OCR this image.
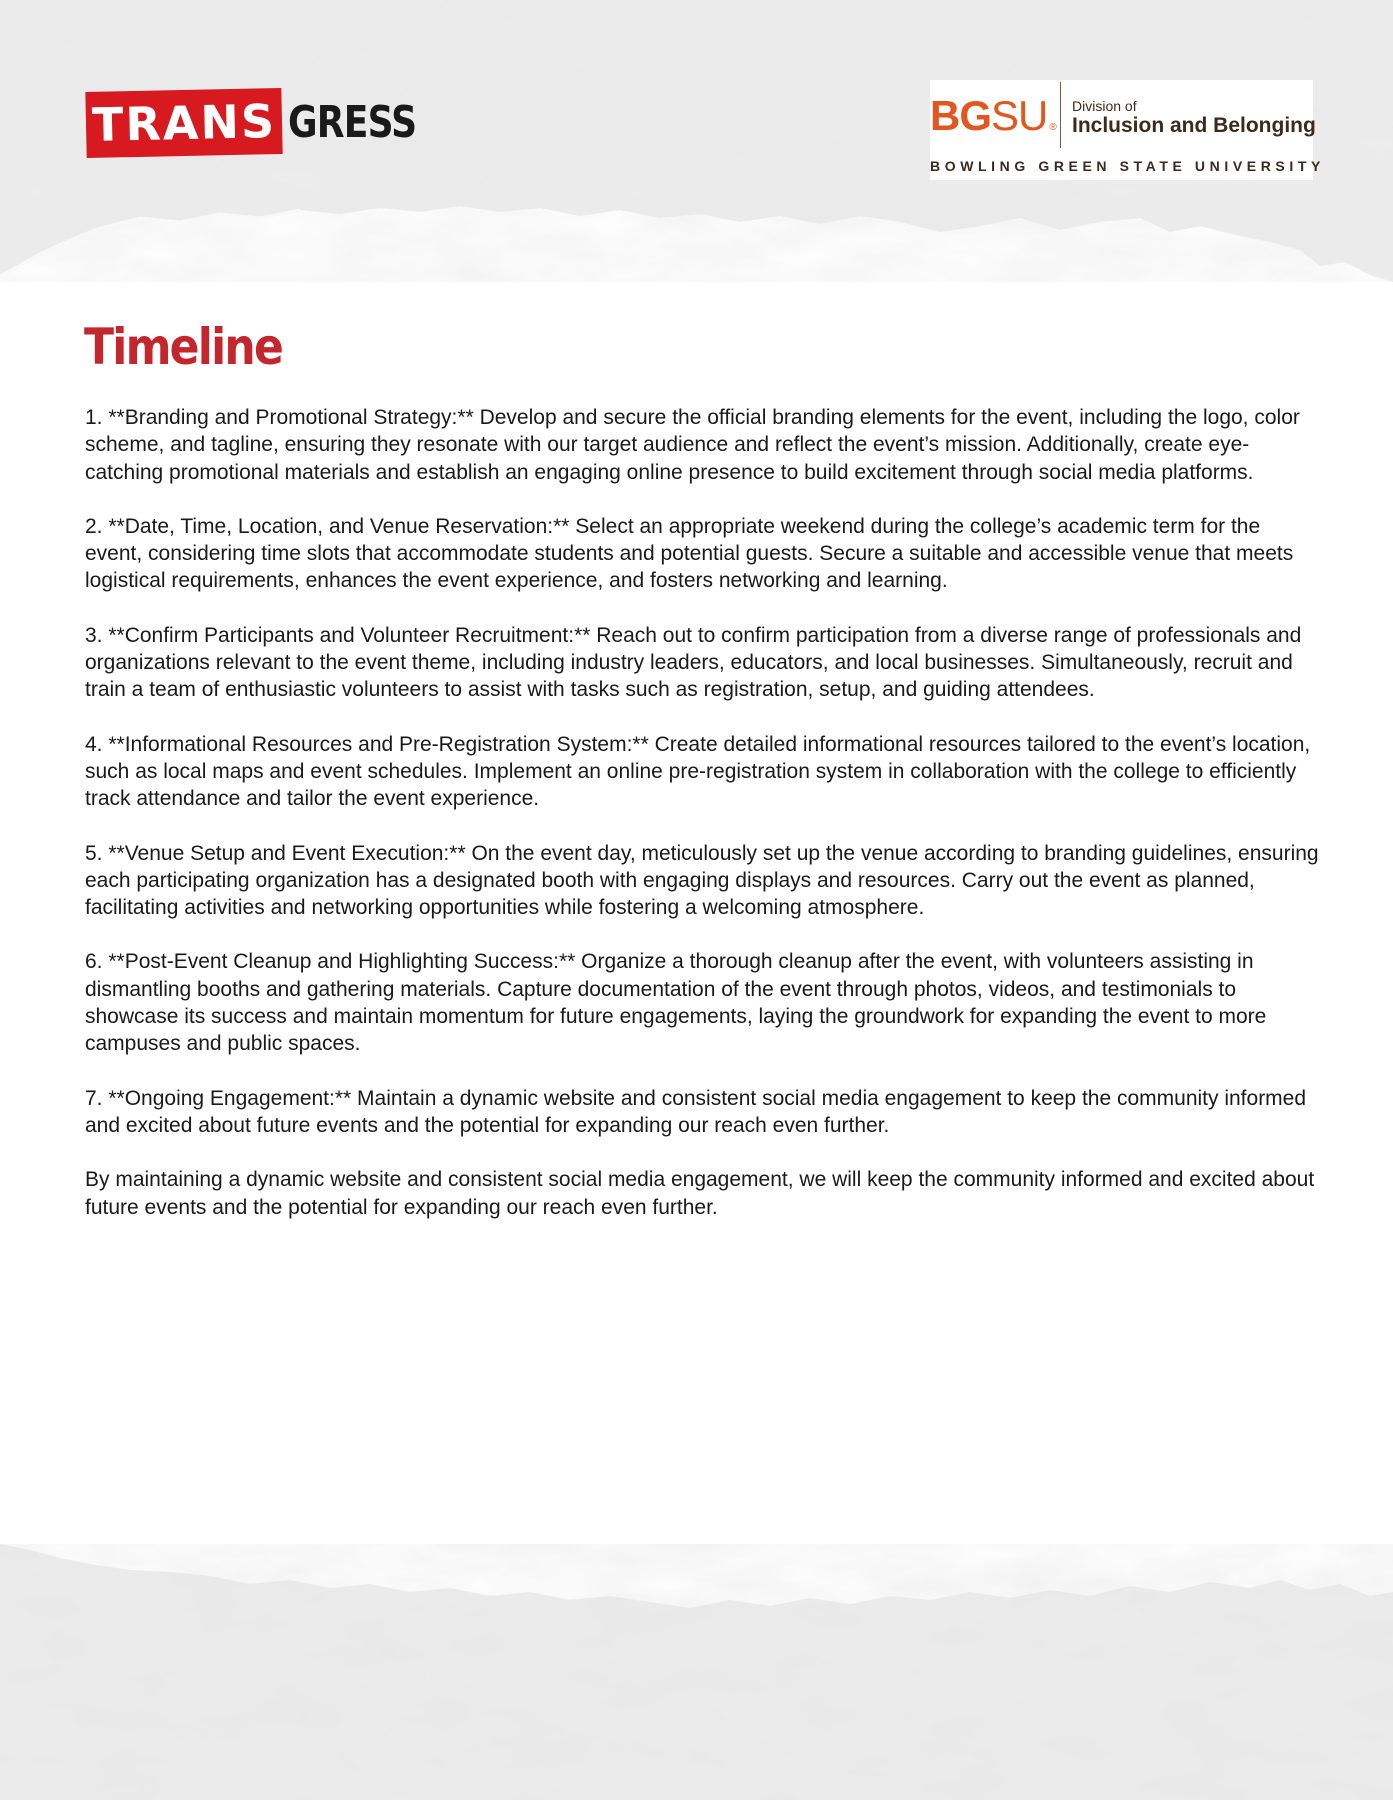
TRANS GRESS	BG SU ®
Division of
Inclusion and Belonging
BOWLING GREEN STATE UNIVERSITY
Timeline

1. **Branding and Promotional Strategy:** Develop and secure the official branding elements for the event, including the logo, color scheme, and tagline, ensuring they resonate with our target audience and reflect the event’s mission. Additionally, create eye-catching promotional materials and establish an engaging online presence to build excitement through social media platforms.

2. **Date, Time, Location, and Venue Reservation:** Select an appropriate weekend during the college’s academic term for the event, considering time slots that accommodate students and potential guests. Secure a suitable and accessible venue that meets logistical requirements, enhances the event experience, and fosters networking and learning.

3. **Confirm Participants and Volunteer Recruitment:** Reach out to confirm participation from a diverse range of professionals and organizations relevant to the event theme, including industry leaders, educators, and local businesses. Simultaneously, recruit and train a team of enthusiastic volunteers to assist with tasks such as registration, setup, and guiding attendees.

4. **Informational Resources and Pre-Registration System:** Create detailed informational resources tailored to the event’s location, such as local maps and event schedules. Implement an online pre-registration system in collaboration with the college to efficiently track attendance and tailor the event experience.

5. **Venue Setup and Event Execution:** On the event day, meticulously set up the venue according to branding guidelines, ensuring each participating organization has a designated booth with engaging displays and resources. Carry out the event as planned, facilitating activities and networking opportunities while fostering a welcoming atmosphere.

6. **Post-Event Cleanup and Highlighting Success:** Organize a thorough cleanup after the event, with volunteers assisting in dismantling booths and gathering materials. Capture documentation of the event through photos, videos, and testimonials to showcase its success and maintain momentum for future engagements, laying the groundwork for expanding the event to more campuses and public spaces.

7. **Ongoing Engagement:** Maintain a dynamic website and consistent social media engagement to keep the community informed and excited about future events and the potential for expanding our reach even further.

By maintaining a dynamic website and consistent social media engagement, we will keep the community informed and excited about future events and the potential for expanding our reach even further.
